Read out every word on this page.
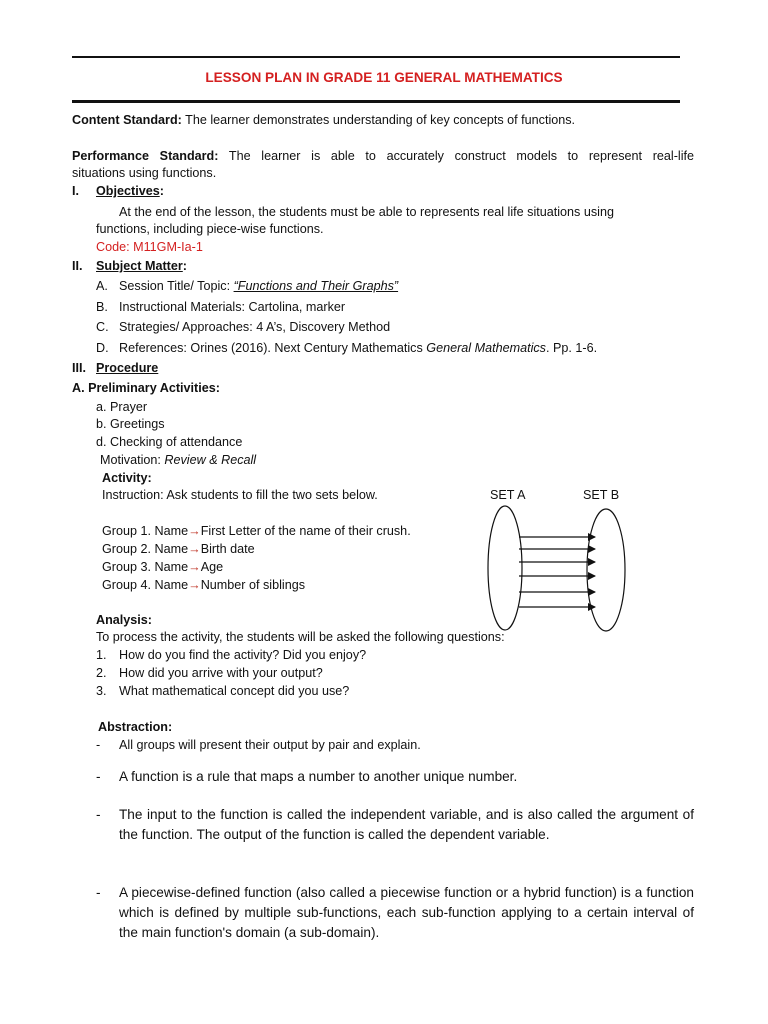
LESSON PLAN IN GRADE 11 GENERAL MATHEMATICS
Content Standard: The learner demonstrates understanding of key concepts of functions.
Performance Standard: The learner is able to accurately construct models to represent real-life
situations using functions.
I. Objectives:
At the end of the lesson, the students must be able to represents real life situations using
functions, including piece-wise functions.
Code: M11GM-Ia-1
II. Subject Matter:
A. Session Title/ Topic: “Functions and Their Graphs”
B. Instructional Materials: Cartolina, marker
C. Strategies/ Approaches: 4 A’s, Discovery Method
D. References: Orines (2016). Next Century Mathematics General Mathematics. Pp. 1-6.
III. Procedure
A. Preliminary Activities:
a. Prayer
b. Greetings
d. Checking of attendance
Motivation: Review & Recall
Activity:
Instruction: Ask students to fill the two sets below.	SET A	SET B
Group 1. Name→First Letter of the name of their crush.
Group 2. Name→Birth date
Group 3. Name→Age
Group 4. Name→Number of siblings
Analysis:
To process the activity, the students will be asked the following questions:
1. How do you find the activity? Did you enjoy?
2. How did you arrive with your output?
3. What mathematical concept did you use?
Abstraction:
- All groups will present their output by pair and explain.
- A function is a rule that maps a number to another unique number.
- The input to the function is called the independent variable, and is also called the argument of the function. The output of the function is called the dependent variable.
- A piecewise-defined function (also called a piecewise function or a hybrid function) is a function which is defined by multiple sub-functions, each sub-function applying to a certain interval of the main function's domain (a sub-domain).
